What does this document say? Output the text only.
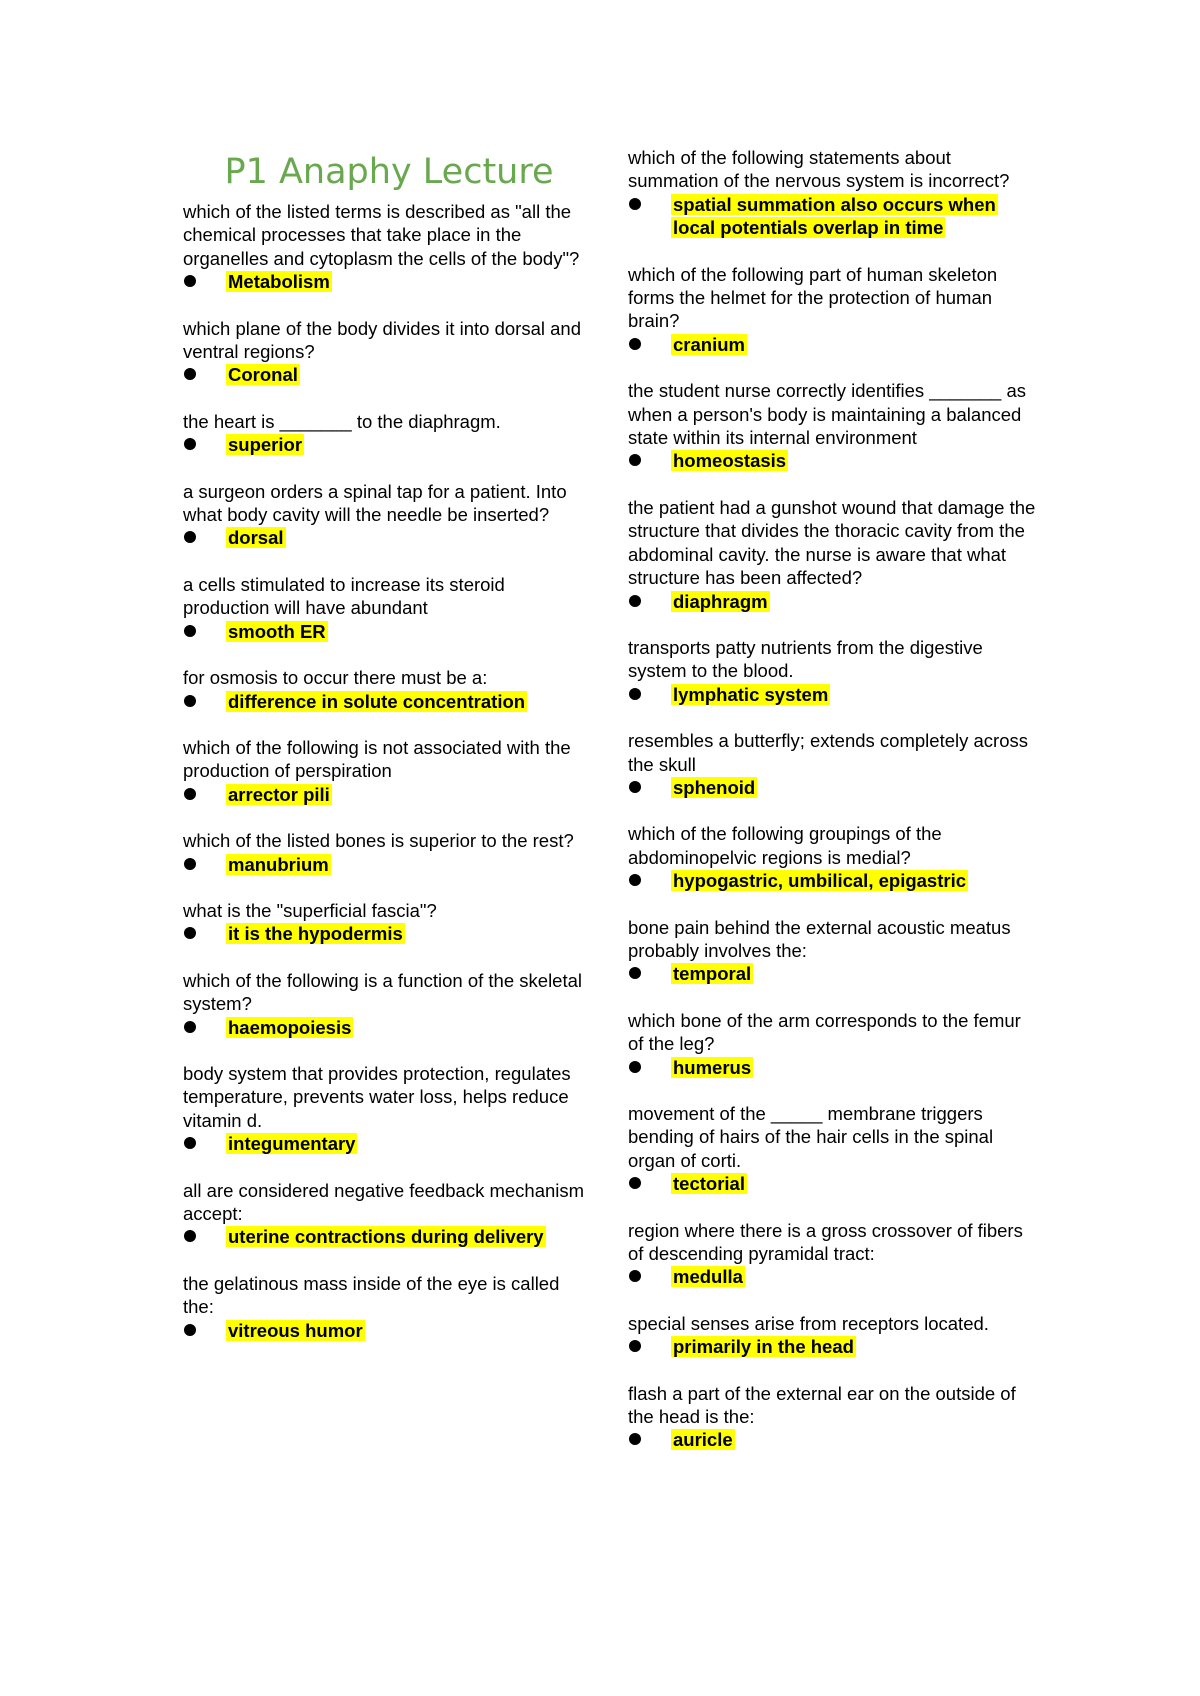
P1 Anaphy Lecture

which of the listed terms is described as "all the chemical processes that take place in the organelles and cytoplasm the cells of the body"?

Metabolism

which plane of the body divides it into dorsal and ventral regions?

Coronal

the heart is _______ to the diaphragm.

superior

a surgeon orders a spinal tap for a patient. Into what body cavity will the needle be inserted?

dorsal

a cells stimulated to increase its steroid production will have abundant

smooth ER

for osmosis to occur there must be a:

difference in solute concentration

which of the following is not associated with the production of perspiration

arrector pili

which of the listed bones is superior to the rest?

manubrium

what is the "superficial fascia"?

it is the hypodermis

which of the following is a function of the skeletal system?

haemopoiesis

body system that provides protection, regulates temperature, prevents water loss, helps reduce vitamin d.

integumentary

all are considered negative feedback mechanism accept:

uterine contractions during delivery

the gelatinous mass inside of the eye is called the:

vitreous humor

which of the following statements about summation of the nervous system is incorrect?

spatial summation also occurs when local potentials overlap in time

which of the following part of human skeleton forms the helmet for the protection of human brain?

cranium

the student nurse correctly identifies _______ as when a person's body is maintaining a balanced state within its internal environment

homeostasis

the patient had a gunshot wound that damage the structure that divides the thoracic cavity from the abdominal cavity. the nurse is aware that what structure has been affected?

diaphragm

transports patty nutrients from the digestive system to the blood.

lymphatic system

resembles a butterfly; extends completely across the skull

sphenoid

which of the following groupings of the abdominopelvic regions is medial?

hypogastric, umbilical, epigastric

bone pain behind the external acoustic meatus probably involves the:

temporal

which bone of the arm corresponds to the femur of the leg?

humerus

movement of the _____ membrane triggers bending of hairs of the hair cells in the spinal organ of corti.

tectorial

region where there is a gross crossover of fibers of descending pyramidal tract:

medulla

special senses arise from receptors located.

primarily in the head

flash a part of the external ear on the outside of the head is the:

auricle
